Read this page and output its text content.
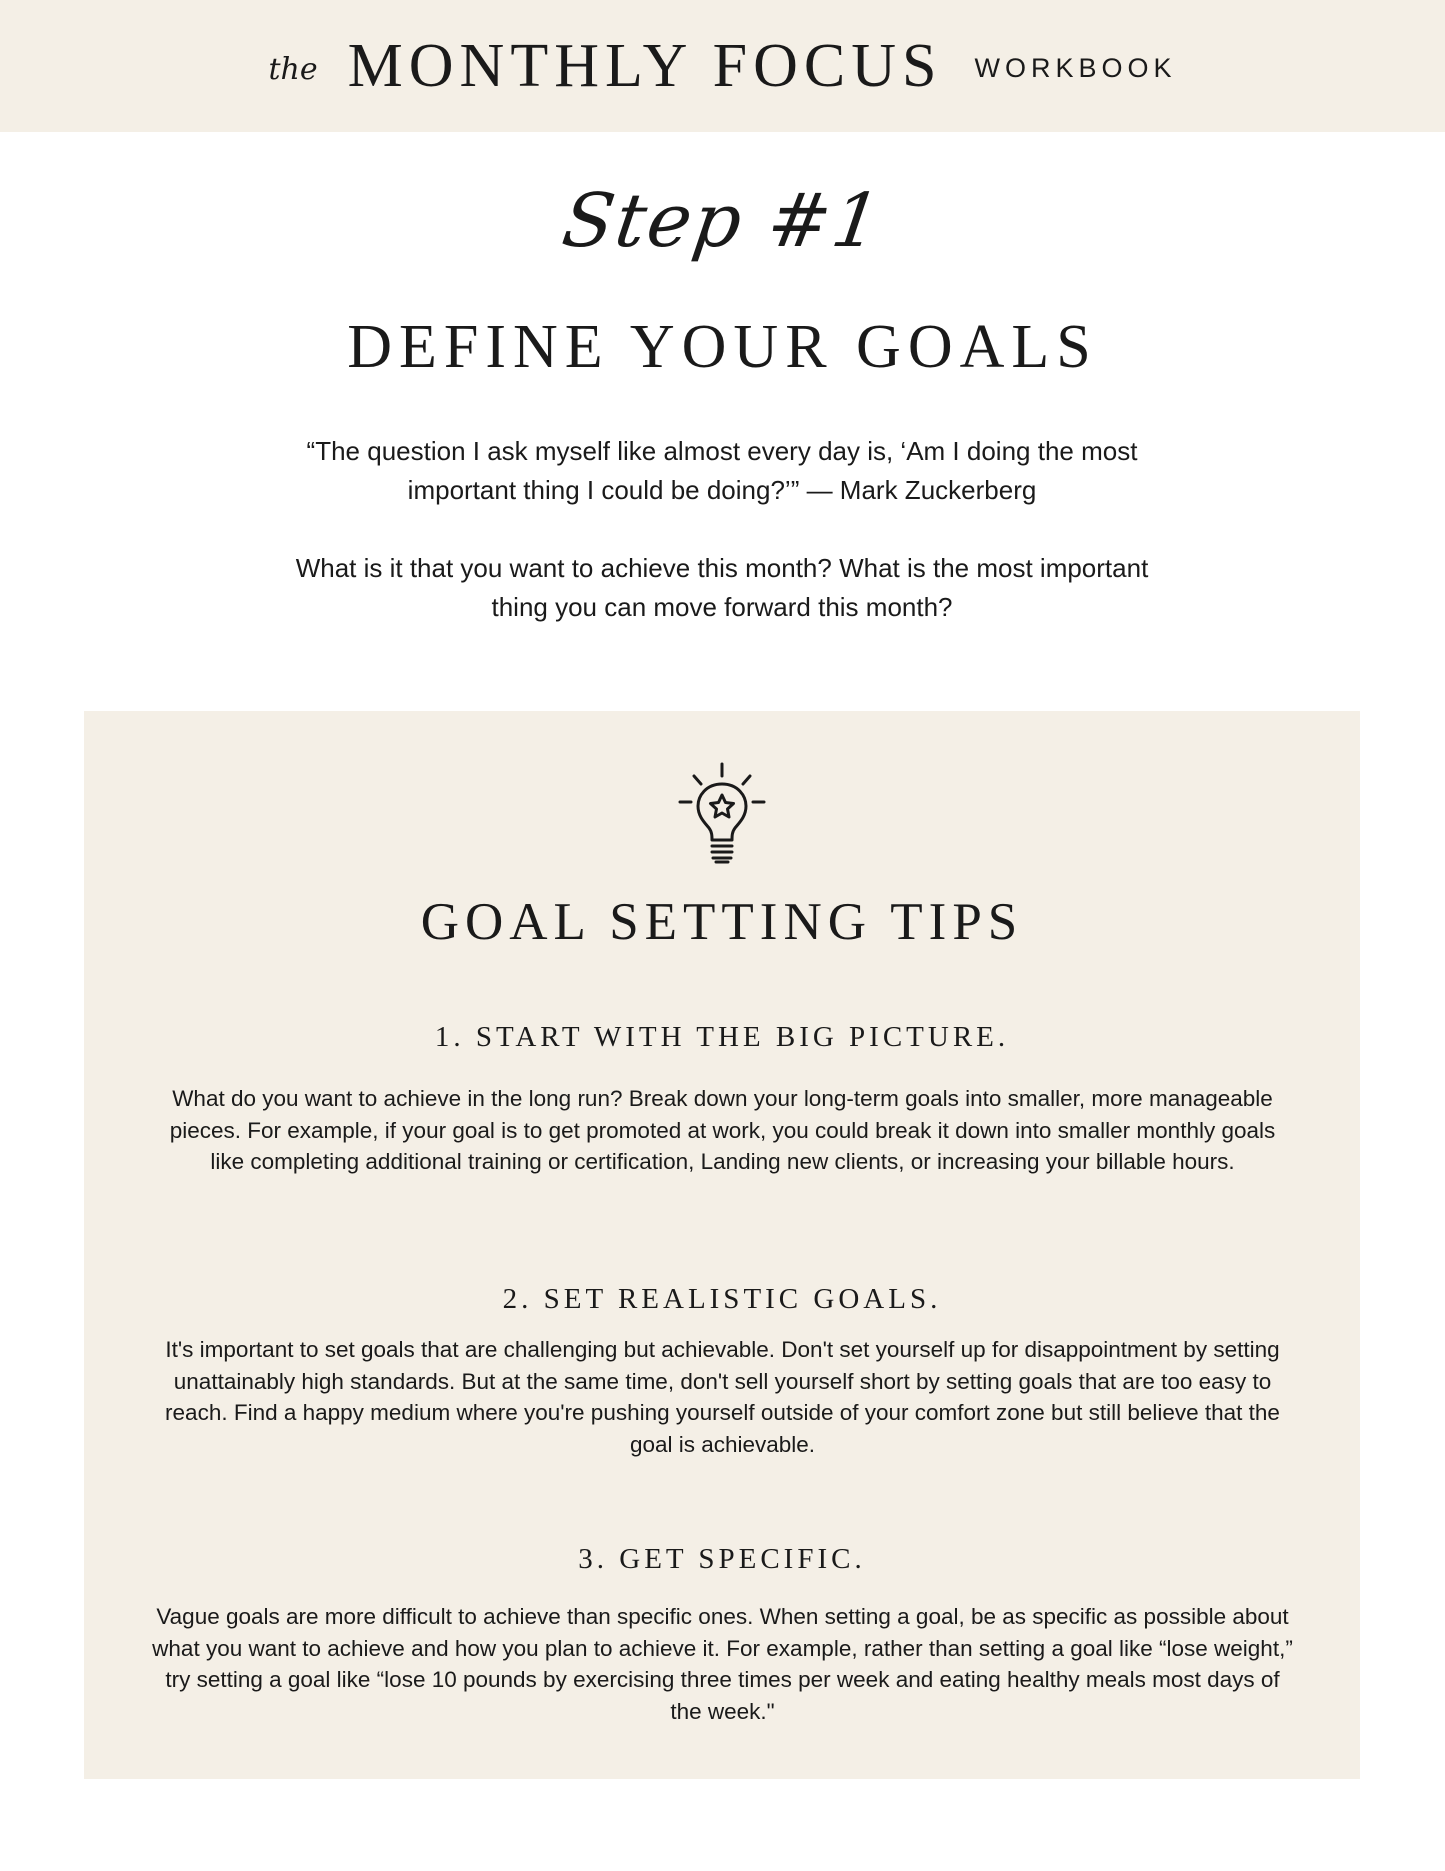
the MONTHLY FOCUS WORKBOOK
Step #1
DEFINE YOUR GOALS

“The question I ask myself like almost every day is, ‘Am I doing the most important thing I could be doing?’” — Mark Zuckerberg

What is it that you want to achieve this month? What is the most important thing you can move forward this month?

GOAL SETTING TIPS
1. START WITH THE BIG PICTURE.
What do you want to achieve in the long run? Break down your long-term goals into smaller, more manageable pieces. For example, if your goal is to get promoted at work, you could break it down into smaller monthly goals like completing additional training or certification, Landing new clients, or increasing your billable hours.
2. SET REALISTIC GOALS.
It's important to set goals that are challenging but achievable. Don't set yourself up for disappointment by setting unattainably high standards. But at the same time, don't sell yourself short by setting goals that are too easy to reach. Find a happy medium where you're pushing yourself outside of your comfort zone but still believe that the goal is achievable.
3. GET SPECIFIC.
Vague goals are more difficult to achieve than specific ones. When setting a goal, be as specific as possible about what you want to achieve and how you plan to achieve it. For example, rather than setting a goal like “lose weight,” try setting a goal like “lose 10 pounds by exercising three times per week and eating healthy meals most days of the week."
